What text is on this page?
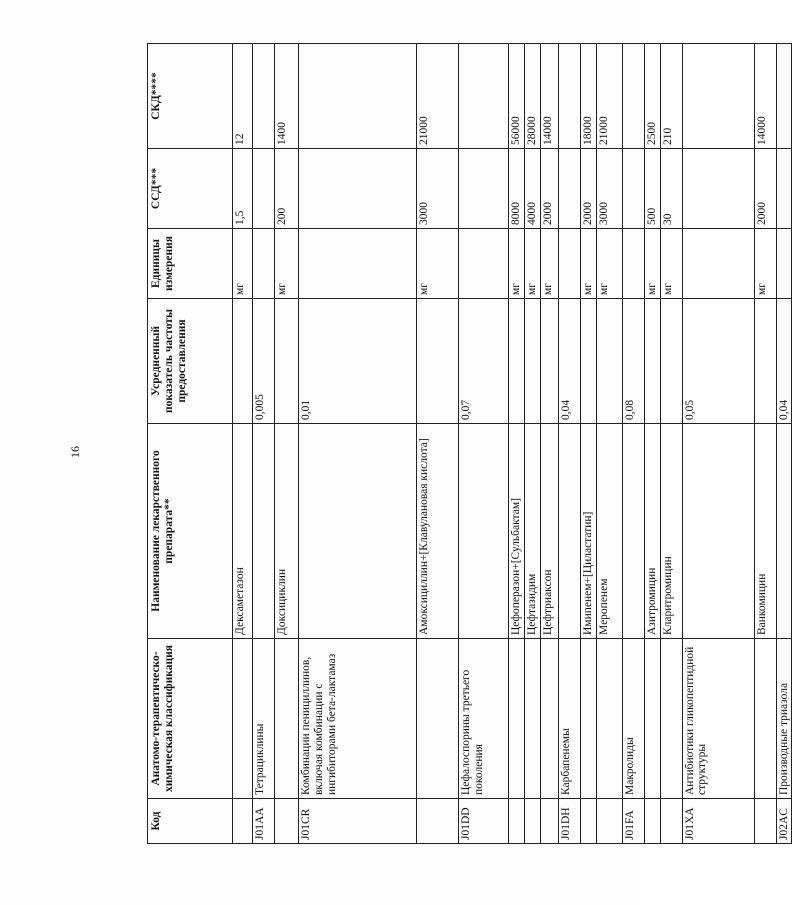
16
Код	Анатомо-терапевтическо-химическая классификация	Наименование лекарственного препарата**	Усредненный показатель частоты предоставления	Единицы измерения	ССД***	СКД****
		Дексаметазон		мг	1,5	12
J01AA	Тетрациклины		0,005			
		Доксициклин		мг	200	1400
J01CR	Комбинации пенициллинов, включая комбинации с ингибиторами бета-лактамаз		0,01			
		Амоксициллин+[Клавулановая кислота]		мг	3000	21000
J01DD	Цефалоспорины третьего поколения		0,07			
		Цефоперазон+[Сульбактам]		мг	8000	56000
		Цефтазидим		мг	4000	28000
		Цефтриаксон		мг	2000	14000
J01DH	Карбапенемы		0,04			
		Имипенем+[Циластатин]		мг	2000	18000
		Меропенем		мг	3000	21000
J01FA	Макролиды		0,08			
		Азитромицин		мг	500	2500
		Кларитромицин		мг	30	210
J01XA	Антибиотики гликопептидной структуры		0,05			
		Ванкомицин		мг	2000	14000
J02AC	Производные триазола		0,04			
